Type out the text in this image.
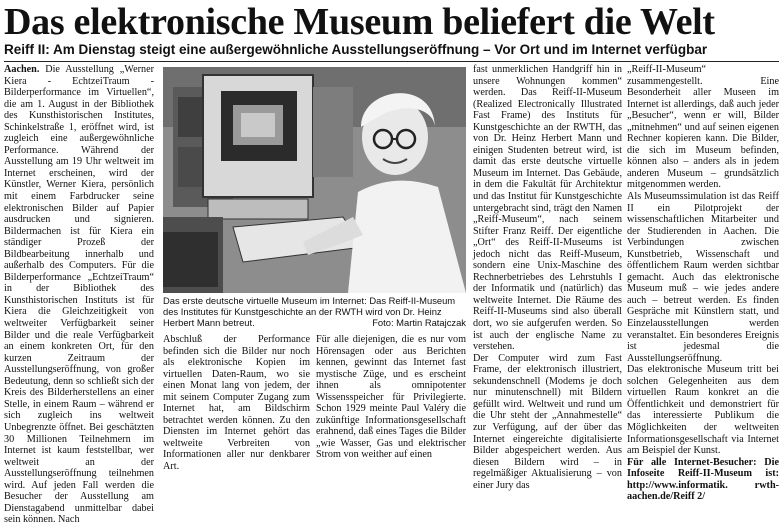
Das elektronische Museum beliefert die Welt
Reiff II: Am Dienstag steigt eine außergewöhnliche Ausstellungseröffnung – Vor Ort und im Internet verfügbar

Aachen. Die Ausstellung „Werner Kiera - EchtzeiTraum - Bilderperformance im Virtuellen“, die am 1. August in der Bibliothek des Kunsthistorischen Institutes, Schinkelstraße 1, eröffnet wird, ist zugleich eine außergewöhnliche Performance. Während der Ausstellung am 19 Uhr weltweit im Internet erscheinen, wird der Künstler, Werner Kiera, persönlich mit einem Farbdrucker seine elektronischen Bilder auf Papier ausdrucken und signieren. Bildermachen ist für Kiera ein ständiger Prozeß der Bildbearbeitung innerhalb und außerhalb des Computers. Für die Bilderperformance „EchtzeiTraum“ in der Bibliothek des Kunsthistorischen Instituts ist für Kiera die Gleichzeitigkeit von weltweiter Verfügbarkeit seiner Bilder und die reale Verfügbarkeit an einem konkreten Ort, für den kurzen Zeitraum der Ausstellungseröffnung, von großer Bedeutung, denn so schließt sich der Kreis des Bilderherstellens an einer Stelle, in einem Raum – während er sich zugleich ins weltweit Unbegrenzte öffnet. Bei geschätzten 30 Millionen Teilnehmern im Internet ist kaum feststellbar, wer weltweit an der Ausstellungseröffnung teilnehmen wird. Auf jeden Fall werden die Besucher der Ausstellung am Dienstagabend unmittelbar dabei sein können. Nach

Das erste deutsche virtuelle Museum im Internet: Das Reiff-II-Museum des Institutes für Kunstgeschichte an der RWTH wird von Dr. Heinz Herbert Mann betreut.	Foto: Martin Ratajczak

Abschluß der Performance befinden sich die Bilder nur noch als elektronische Kopien im virtuellen Daten-Raum, wo sie einen Monat lang von jedem, der mit seinem Computer Zugang zum Internet hat, am Bildschirm betrachtet werden können. Zu den Diensten im Internet gehört das weltweite Verbreiten von Informationen aller nur denkbarer Art.

Für alle diejenigen, die es nur vom Hörensagen oder aus Berichten kennen, gewinnt das Internet fast mystische Züge, und es erscheint ihnen als omnipotenter Wissensspeicher für Privilegierte. Schon 1929 meinte Paul Valéry die zukünftige Informationsgesellschaft erahnend, daß eines Tages die Bilder „wie Wasser, Gas und elektrischer Strom von weither auf einen

fast unmerklichen Handgriff hin in unsere Wohnungen kommen“ werden. Das Reiff-II-Museum (Realized Electronically Illustrated Fast Frame) des Instituts für Kunstgeschichte an der RWTH, das von Dr. Heinz Herbert Mann und einigen Studenten betreut wird, ist damit das erste deutsche virtuelle Museum im Internet. Das Gebäude, in dem die Fakultät für Architektur und das Institut für Kunstgeschichte untergebracht sind, trägt den Namen „Reiff-Museum“, nach seinem Stifter Franz Reiff. Der eigentliche „Ort“ des Reiff-II-Museums ist jedoch nicht das Reiff-Museum, sondern eine Unix-Maschine des Rechnerbetriebes des Lehrstuhls I der Informatik und (natürlich) das weltweite Internet. Die Räume des Reiff-II-Museums sind also überall dort, wo sie aufgerufen werden. So ist auch der englische Name zu verstehen.

Der Computer wird zum Fast Frame, der elektronisch illustriert, sekundenschnell (Modems je doch nur minutenschnell) mit Bildern gefüllt wird. Weltweit und rund um die Uhr steht der „Annahmestelle“ zur Verfügung, auf der über das Internet eingereichte digitalisierte Bilder abgespeichert werden. Aus diesen Bildern wird – in regelmäßiger Aktualisierung – von einer Jury das

„Reiff-II-Museum“ zusammengestellt. Eine Besonderheit aller Museen im Internet ist allerdings, daß auch jeder „Besucher“, wenn er will, Bilder „mitnehmen“ und auf seinen eigenen Rechner kopieren kann. Die Bilder, die sich im Museum befinden, können also – anders als in jedem anderen Museum – grundsätzlich mitgenommen werden.

Als Museumssimulation ist das Reiff II ein Pilotprojekt der wissenschaftlichen Mitarbeiter und der Studierenden in Aachen. Die Verbindungen zwischen Kunstbetrieb, Wissenschaft und öffentlichem Raum werden sichtbar gemacht. Auch das elektronische Museum muß – wie jedes andere auch – betreut werden. Es finden Gespräche mit Künstlern statt, und Einzelausstellungen werden veranstaltet. Ein besonderes Ereignis ist jedesmal die Ausstellungseröffnung.

Das elektronische Museum tritt bei solchen Gelegenheiten aus dem virtuellen Raum konkret an die Öffentlichkeit und demonstriert für das interessierte Publikum die Möglichkeiten der weltweiten Informationsgesellschaft via Internet am Beispiel der Kunst.

Für alle Internet-Besucher: Die Infoseite Reiff-II-Museum ist: http://www.informatik. rwth-aachen.de/Reiff 2/
